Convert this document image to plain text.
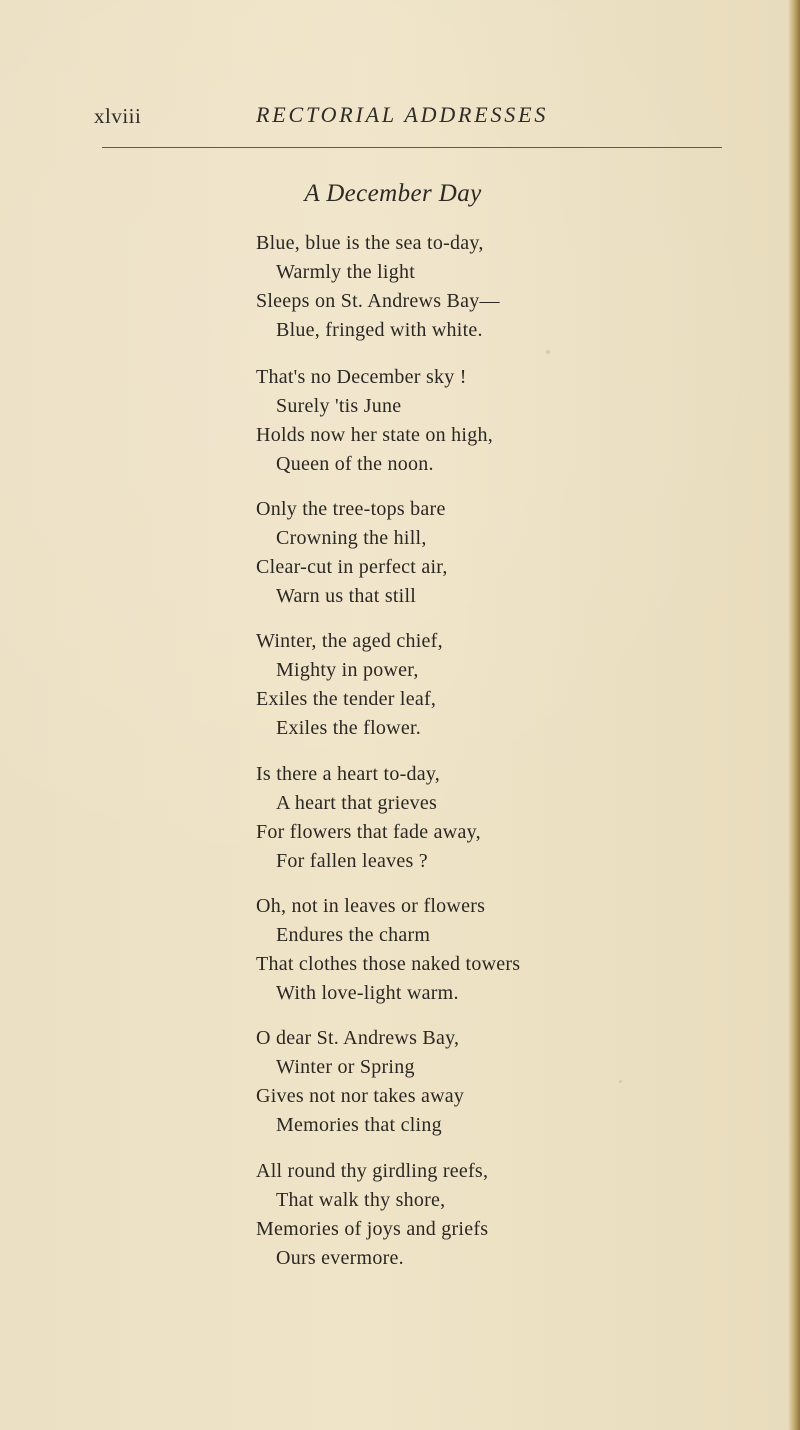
xlviii	RECTORIAL ADDRESSES
A December Day
Blue, blue is the sea to-day,
Warmly the light
Sleeps on St. Andrews Bay—
Blue, fringed with white.
That's no December sky !
Surely 'tis June
Holds now her state on high,
Queen of the noon.
Only the tree-tops bare
Crowning the hill,
Clear-cut in perfect air,
Warn us that still
Winter, the aged chief,
Mighty in power,
Exiles the tender leaf,
Exiles the flower.
Is there a heart to-day,
A heart that grieves
For flowers that fade away,
For fallen leaves ?
Oh, not in leaves or flowers
Endures the charm
That clothes those naked towers
With love-light warm.
O dear St. Andrews Bay,
Winter or Spring
Gives not nor takes away
Memories that cling
All round thy girdling reefs,
That walk thy shore,
Memories of joys and griefs
Ours evermore.
